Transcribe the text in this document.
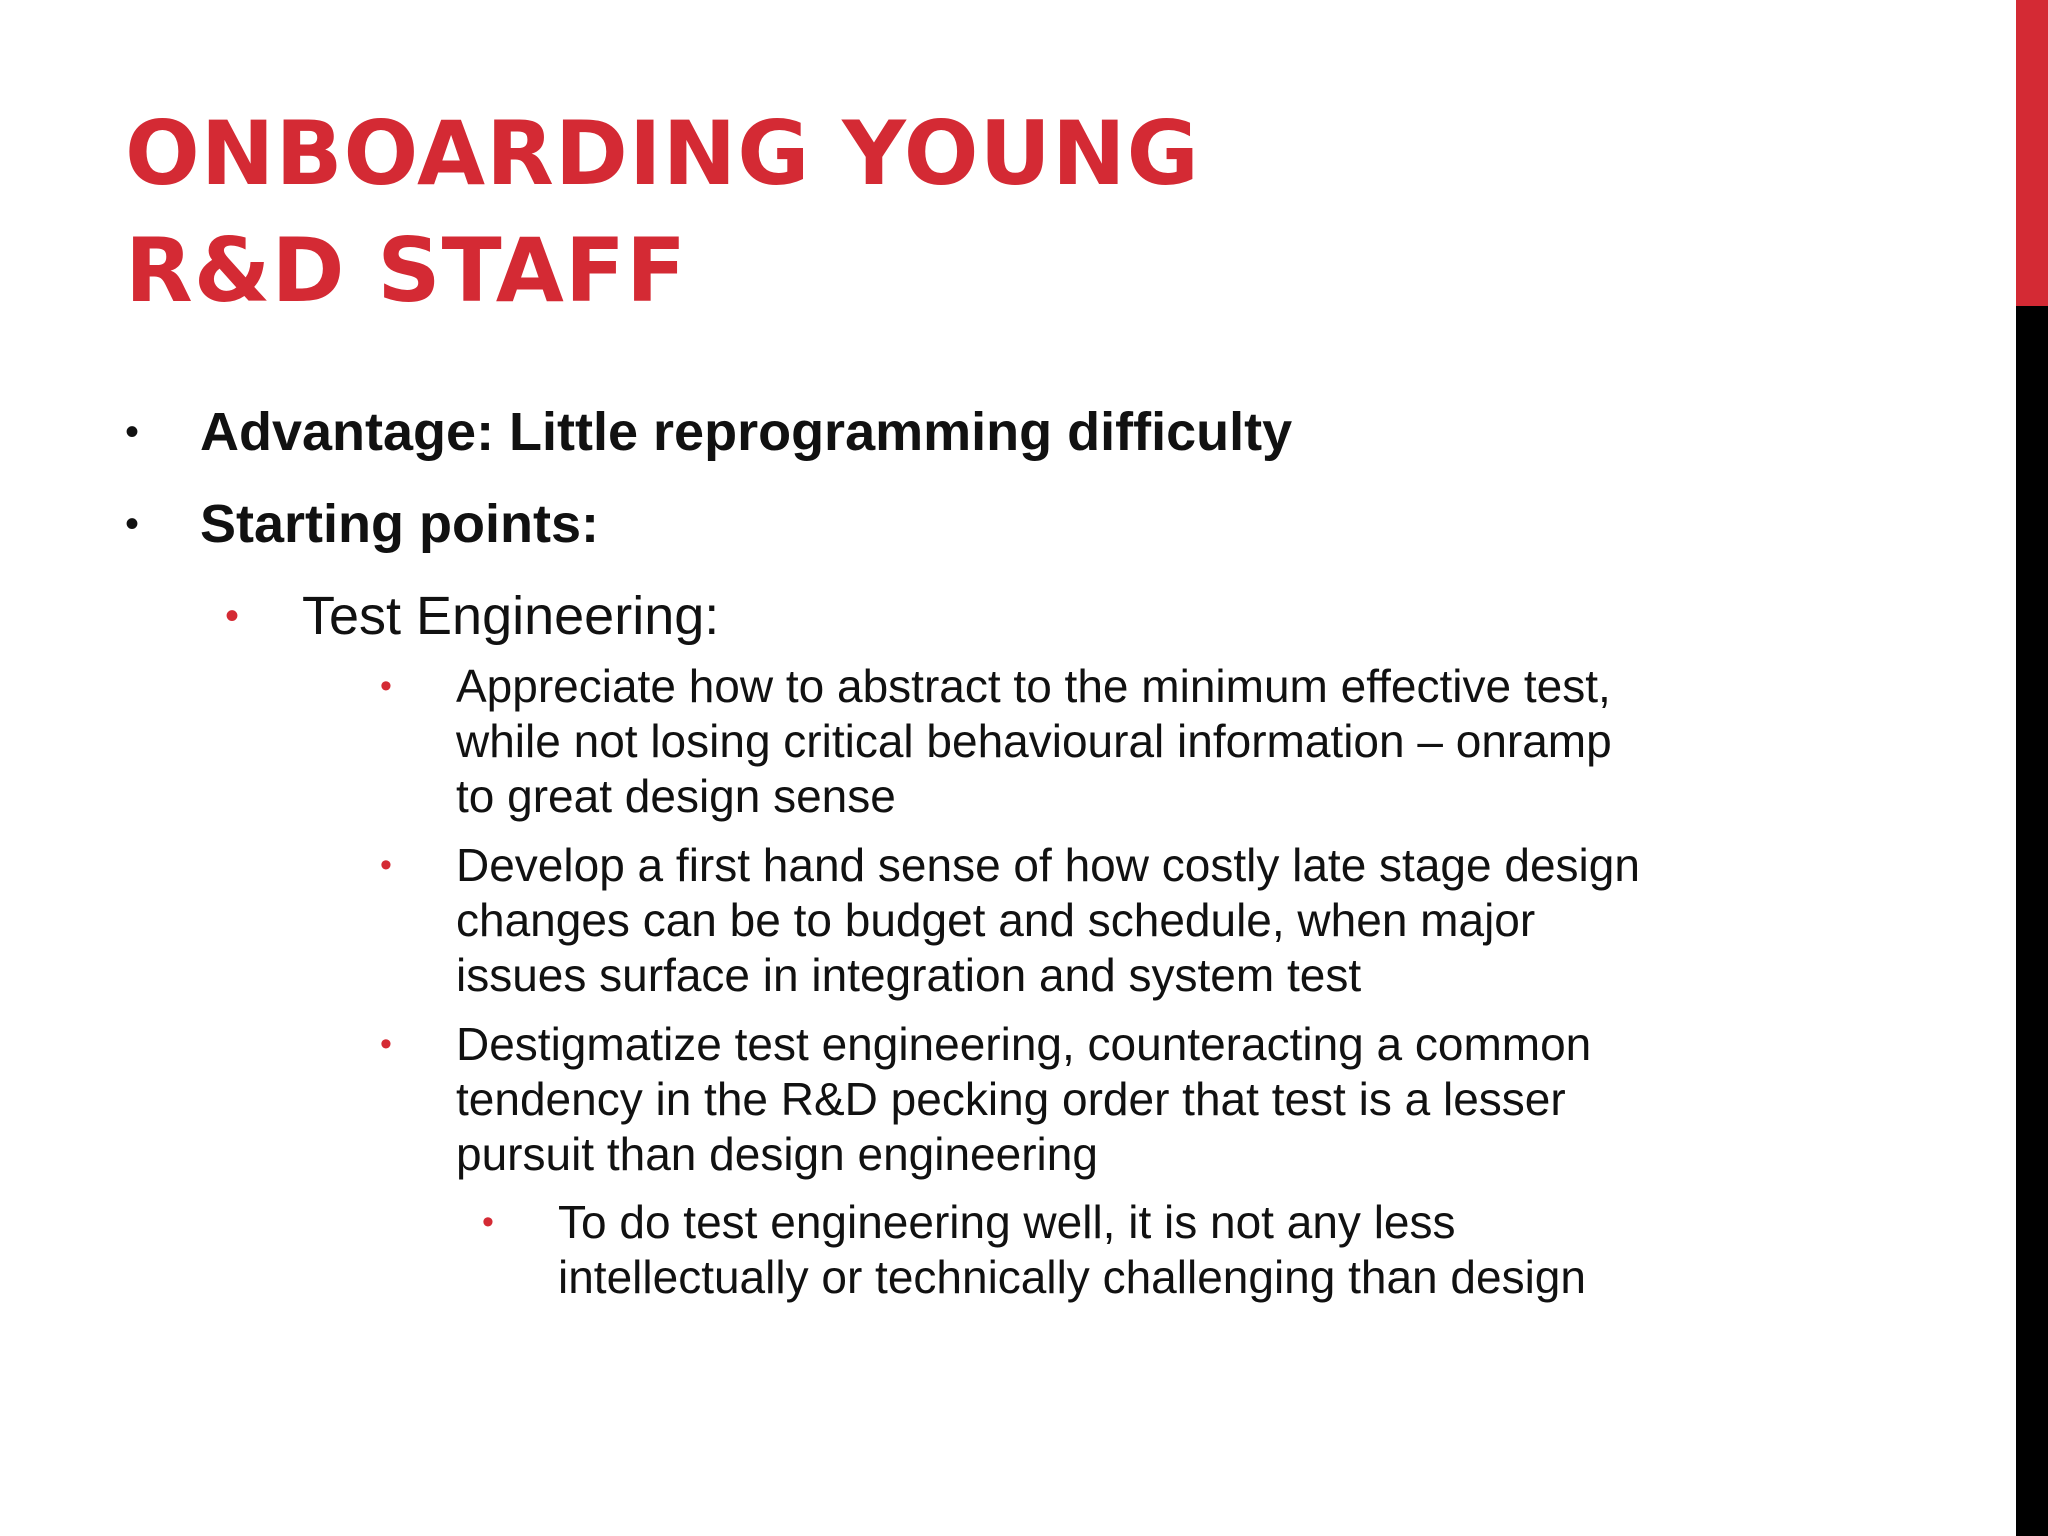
ONBOARDING YOUNG
R&D STAFF
• Advantage: Little reprogramming difficulty
• Starting points:
• Test Engineering:
• Appreciate how to abstract to the minimum effective test,
while not losing critical behavioural information – onramp
to great design sense
• Develop a first hand sense of how costly late stage design
changes can be to budget and schedule, when major
issues surface in integration and system test
• Destigmatize test engineering, counteracting a common
tendency in the R&D pecking order that test is a lesser
pursuit than design engineering
• To do test engineering well, it is not any less
intellectually or technically challenging than design
